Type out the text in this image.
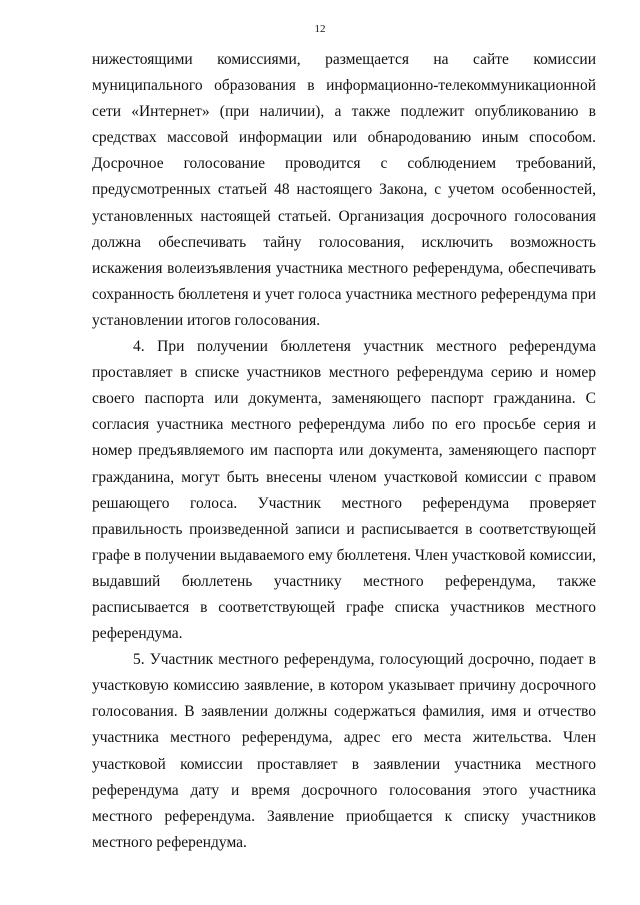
12

нижестоящими комиссиями, размещается на сайте комиссии муниципального образования в информационно-телекоммуникационной сети «Интернет» (при наличии), а также подлежит опубликованию в средствах массовой информации или обнародованию иным способом. Досрочное голосование проводится с соблюдением требований, предусмотренных статьей 48 настоящего Закона, с учетом особенностей, установленных настоящей статьей. Организация досрочного голосования должна обеспечивать тайну голосования, исключить возможность искажения волеизъявления участника местного референдума, обеспечивать сохранность бюллетеня и учет голоса участника местного референдума при установлении итогов голосования.

4. При получении бюллетеня участник местного референдума проставляет в списке участников местного референдума серию и номер своего паспорта или документа, заменяющего паспорт гражданина. С согласия участника местного референдума либо по его просьбе серия и номер предъявляемого им паспорта или документа, заменяющего паспорт гражданина, могут быть внесены членом участковой комиссии с правом решающего голоса. Участник местного референдума проверяет правильность произведенной записи и расписывается в соответствующей графе в получении выдаваемого ему бюллетеня. Член участковой комиссии, выдавший бюллетень участнику местного референдума, также расписывается в соответствующей графе списка участников местного референдума.

5. Участник местного референдума, голосующий досрочно, подает в участковую комиссию заявление, в котором указывает причину досрочного голосования. В заявлении должны содержаться фамилия, имя и отчество участника местного референдума, адрес его места жительства. Член участковой комиссии проставляет в заявлении участника местного референдума дату и время досрочного голосования этого участника местного референдума. Заявление приобщается к списку участников местного референдума.
